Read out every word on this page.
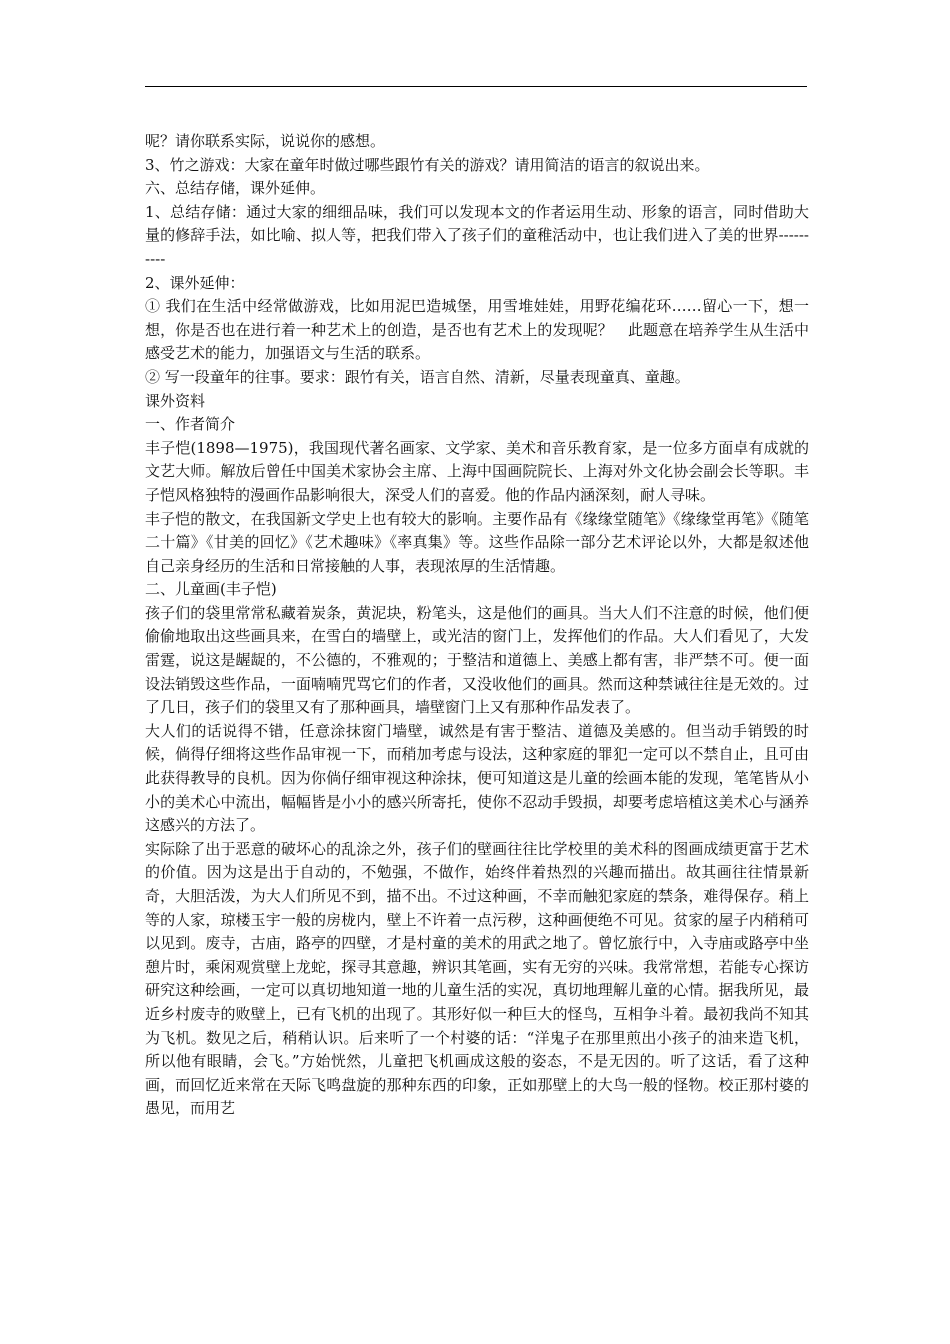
呢？请你联系实际，说说你的感想。

3、竹之游戏：大家在童年时做过哪些跟竹有关的游戏？请用简洁的语言的叙说出来。

六、总结存储，课外延伸。

1、总结存储：通过大家的细细品味，我们可以发现本文的作者运用生动、形象的语言，同时借助大量的修辞手法，如比喻、拟人等，把我们带入了孩子们的童稚活动中，也让我们进入了美的世界----------

2、课外延伸：

① 我们在生活中经常做游戏，比如用泥巴造城堡，用雪堆娃娃，用野花编花环……留心一下，想一想，你是否也在进行着一种艺术上的创造，是否也有艺术上的发现呢？　此题意在培养学生从生活中感受艺术的能力，加强语文与生活的联系。

② 写一段童年的往事。要求：跟竹有关，语言自然、清新，尽量表现童真、童趣。

课外资料

一、作者简介

丰子恺(1898—1975)，我国现代著名画家、文学家、美术和音乐教育家，是一位多方面卓有成就的文艺大师。解放后曾任中国美术家协会主席、上海中国画院院长、上海对外文化协会副会长等职。丰子恺风格独特的漫画作品影响很大，深受人们的喜爱。他的作品内涵深刻，耐人寻味。

丰子恺的散文，在我国新文学史上也有较大的影响。主要作品有《缘缘堂随笔》《缘缘堂再笔》《随笔二十篇》《甘美的回忆》《艺术趣味》《率真集》等。这些作品除一部分艺术评论以外，大都是叙述他自己亲身经历的生活和日常接触的人事，表现浓厚的生活情趣。

二、儿童画(丰子恺)

孩子们的袋里常常私藏着炭条，黄泥块，粉笔头，这是他们的画具。当大人们不注意的时候，他们便偷偷地取出这些画具来，在雪白的墙壁上，或光洁的窗门上，发挥他们的作品。大人们看见了，大发雷霆，说这是龌龊的，不公德的，不雅观的；于整洁和道德上、美感上都有害，非严禁不可。便一面设法销毁这些作品，一面喃喃咒骂它们的作者，又没收他们的画具。然而这种禁诫往往是无效的。过了几日，孩子们的袋里又有了那种画具，墙壁窗门上又有那种作品发表了。

大人们的话说得不错，任意涂抹窗门墙壁，诚然是有害于整洁、道德及美感的。但当动手销毁的时候，倘得仔细将这些作品审视一下，而稍加考虑与设法，这种家庭的罪犯一定可以不禁自止，且可由此获得教导的良机。因为你倘仔细审视这种涂抹，便可知道这是儿童的绘画本能的发现，笔笔皆从小小的美术心中流出，幅幅皆是小小的感兴所寄托，使你不忍动手毁损，却要考虑培植这美术心与涵养这感兴的方法了。

实际除了出于恶意的破坏心的乱涂之外，孩子们的壁画往往比学校里的美术科的图画成绩更富于艺术的价值。因为这是出于自动的，不勉强，不做作，始终伴着热烈的兴趣而描出。故其画往往情景新奇，大胆活泼，为大人们所见不到，描不出。不过这种画，不幸而触犯家庭的禁条，难得保存。稍上等的人家，琼楼玉宇一般的房栊内，壁上不许着一点污秽，这种画便绝不可见。贫家的屋子内稍稍可以见到。废寺，古庙，路亭的四壁，才是村童的美术的用武之地了。曾忆旅行中，入寺庙或路亭中坐憩片时，乘闲观赏壁上龙蛇，探寻其意趣，辨识其笔画，实有无穷的兴味。我常常想，若能专心探访研究这种绘画，一定可以真切地知道一地的儿童生活的实况，真切地理解儿童的心情。据我所见，最近乡村废寺的败壁上，已有飞机的出现了。其形好似一种巨大的怪鸟，互相争斗着。最初我尚不知其为飞机。数见之后，稍稍认识。后来听了一个村婆的话：“洋鬼子在那里煎出小孩子的油来造飞机，所以他有眼睛，会飞。”方始恍然，儿童把飞机画成这般的姿态，不是无因的。听了这话，看了这种画，而回忆近来常在天际飞鸣盘旋的那种东西的印象，正如那壁上的大鸟一般的怪物。校正那村婆的愚见，而用艺
